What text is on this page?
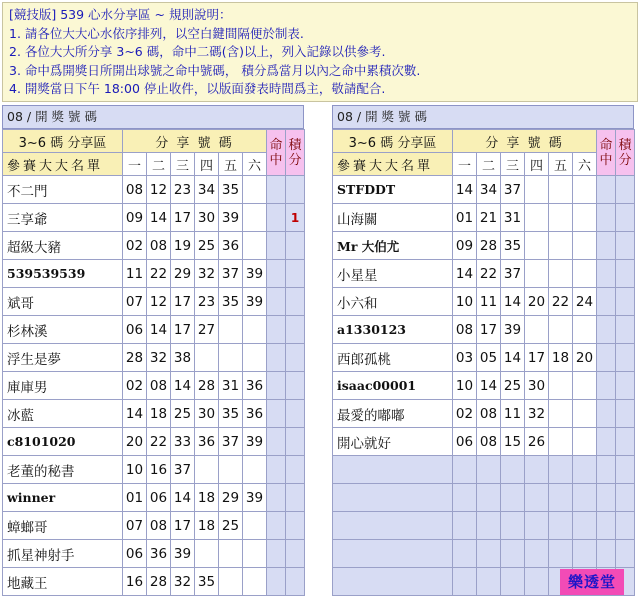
[競技版] 539 心水分享區 ~ 規則說明：
1. 請各位大大心水依序排列，以空白鍵間隔便於制表.
2. 各位大大所分享 3~6 碼，命中二碼(含)以上，列入記錄以供參考.
3. 命中爲開獎日所開出球號之命中號碼， 積分爲當月以內之命中累積次數.
4. 開獎當日下午 18:00 停止收件，以版面發表時間爲主，敬請配合.
08 / 開 獎 號 碼
3~6 碼 分享區	分 享 號 碼						命
中	積
分
參賽大大名單	一	二	三	四	五	六		
不二門	08	12	23	34	35			
三享爺	09	14	17	30	39			1
超級大豬	02	08	19	25	36			
539539539	11	22	29	32	37	39		
斌哥	07	12	17	23	35	39		
杉林溪	06	14	17	27				
浮生是夢	28	32	38					
庫庫男	02	08	14	28	31	36		
冰藍	14	18	25	30	35	36		
c8101020	20	22	33	36	37	39		
老董的秘書	10	16	37					
winner	01	06	14	18	29	39		
蟑螂哥	07	08	17	18	25			
抓星神射手	06	36	39					
地藏王	16	28	32	35				
08 / 開 獎 號 碼
3~6 碼 分享區	分 享 號 碼						命
中	積
分
參賽大大名單	一	二	三	四	五	六		
STFDDT	14	34	37					
山海關	01	21	31					
Mr 大伯尤	09	28	35					
小星星	14	22	37					
小六和	10	11	14	20	22	24		
a1330123	08	17	39					
西郎孤桃	03	05	14	17	18	20		
isaac00001	10	14	25	30				
最愛的嘟嘟	02	08	11	32				
開心就好	06	08	15	26				

樂透堂
